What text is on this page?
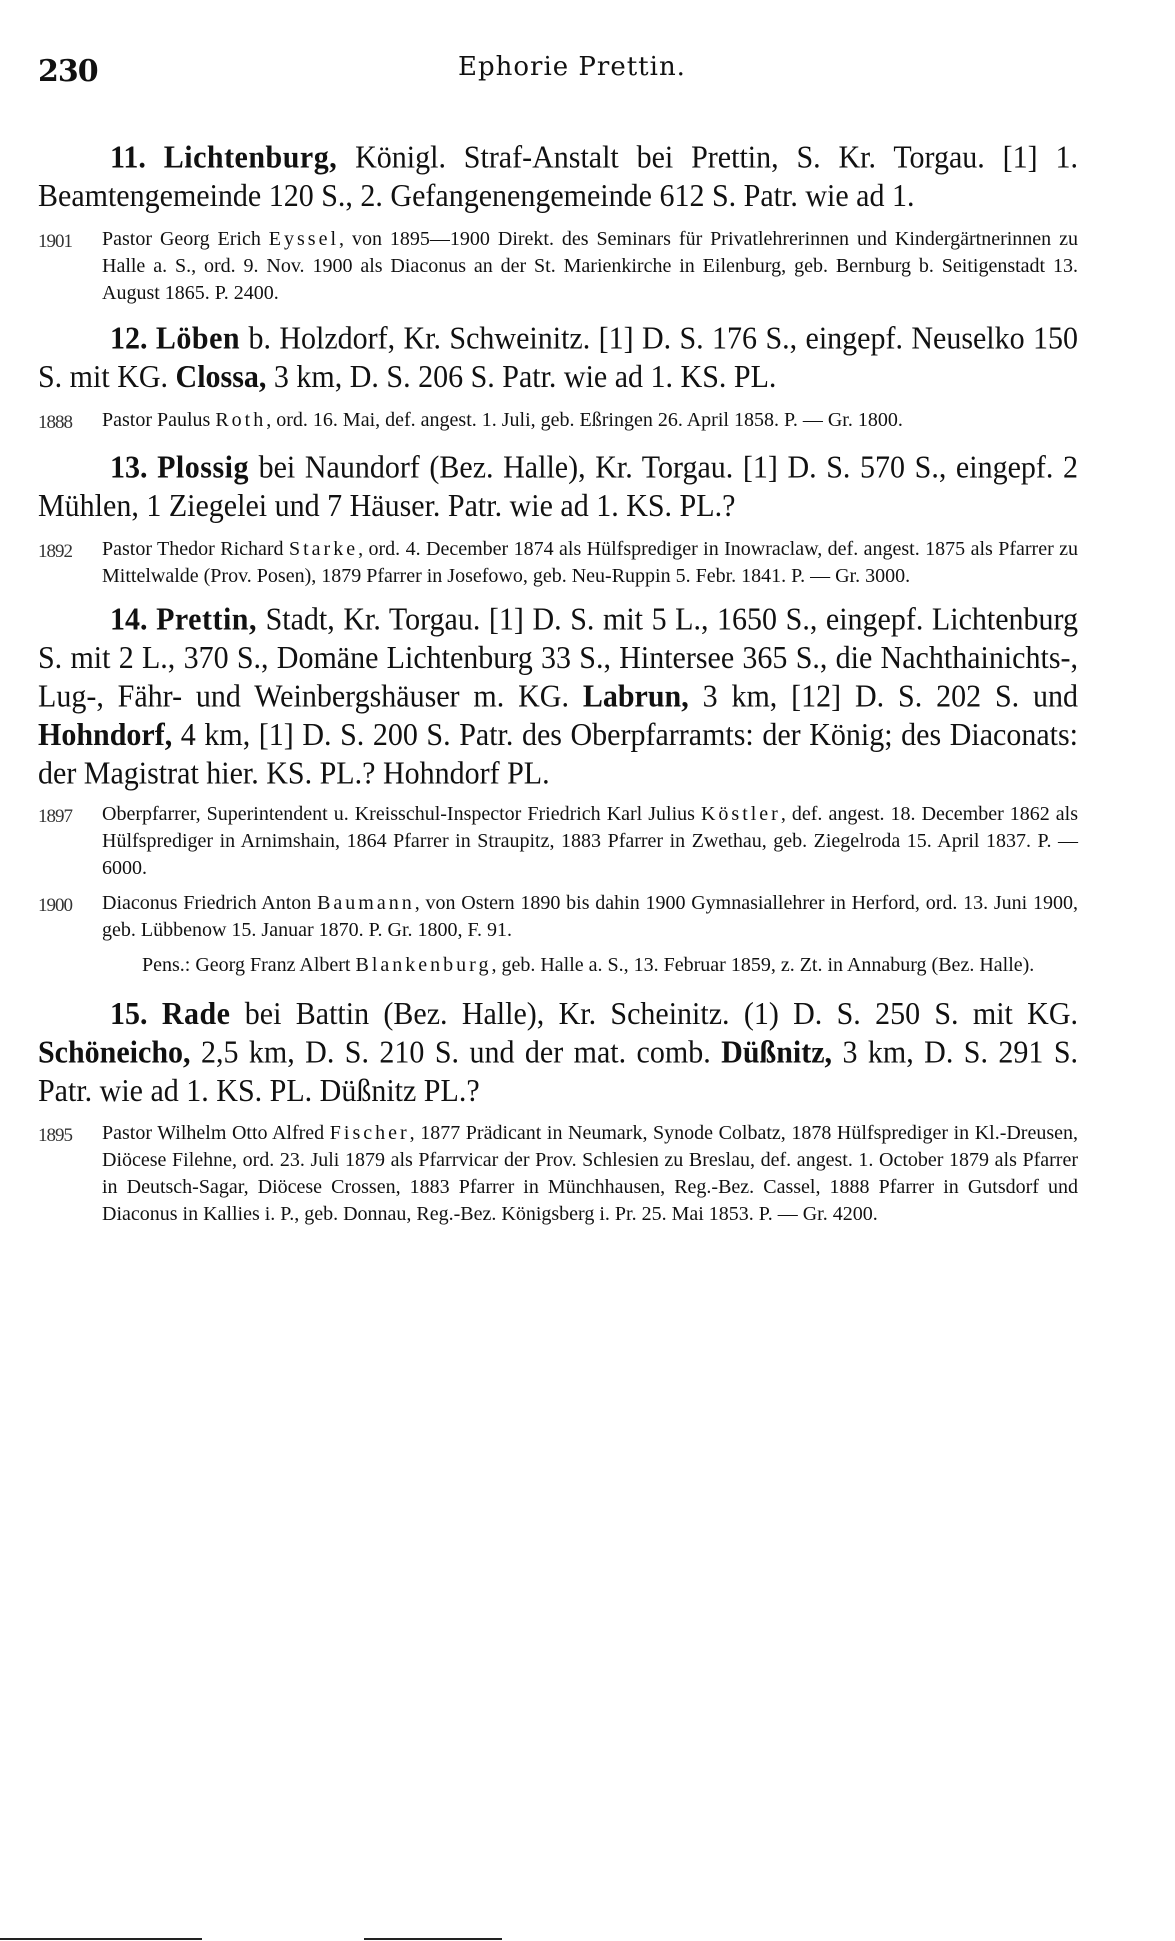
230	Ephorie Prettin.

11. Lichtenburg, Königl. Straf-Anstalt bei Prettin, S. Kr. Torgau. [1] 1. Beamtengemeinde 120 S., 2. Gefangenengemeinde 612 S. Patr. wie ad 1.

1901	Pastor Georg Erich Eyssel, von 1895—1900 Direkt. des Seminars für Privatlehrerinnen und Kindergärtnerinnen zu Halle a. S., ord. 9. Nov. 1900 als Diaconus an der St. Marienkirche in Eilenburg, geb. Bernburg b. Seitigenstadt 13. August 1865. P. 2400.

12. Löben b. Holzdorf, Kr. Schweinitz. [1] D. S. 176 S., eingepf. Neuselko 150 S. mit KG. Clossa, 3 km, D. S. 206 S. Patr. wie ad 1. KS. PL.

1888	Pastor Paulus Roth, ord. 16. Mai, def. angest. 1. Juli, geb. Eßringen 26. April 1858. P. — Gr. 1800.

13. Plossig bei Naundorf (Bez. Halle), Kr. Torgau. [1] D. S. 570 S., eingepf. 2 Mühlen, 1 Ziegelei und 7 Häuser. Patr. wie ad 1. KS. PL.?

1892	Pastor Thedor Richard Starke, ord. 4. December 1874 als Hülfsprediger in Inowraclaw, def. angest. 1875 als Pfarrer zu Mittelwalde (Prov. Posen), 1879 Pfarrer in Josefowo, geb. Neu-Ruppin 5. Febr. 1841. P. — Gr. 3000.

14. Prettin, Stadt, Kr. Torgau. [1] D. S. mit 5 L., 1650 S., eingepf. Lichtenburg S. mit 2 L., 370 S., Domäne Lichtenburg 33 S., Hintersee 365 S., die Nachthainichts-, Lug-, Fähr- und Weinbergshäuser m. KG. Labrun, 3 km, [12] D. S. 202 S. und Hohndorf, 4 km, [1] D. S. 200 S. Patr. des Oberpfarramts: der König; des Diaconats: der Magistrat hier. KS. PL.? Hohndorf PL.

1897	Oberpfarrer, Superintendent u. Kreisschul-Inspector Friedrich Karl Julius Köstler, def. angest. 18. December 1862 als Hülfsprediger in Arnimshain, 1864 Pfarrer in Straupitz, 1883 Pfarrer in Zwethau, geb. Ziegelroda 15. April 1837. P. — 6000.
1900	Diaconus Friedrich Anton Baumann, von Ostern 1890 bis dahin 1900 Gymnasiallehrer in Herford, ord. 13. Juni 1900, geb. Lübbenow 15. Januar 1870. P. Gr. 1800, F. 91.

Pens.: Georg Franz Albert Blankenburg, geb. Halle a. S., 13. Februar 1859, z. Zt. in Annaburg (Bez. Halle).

15. Rade bei Battin (Bez. Halle), Kr. Scheinitz. (1) D. S. 250 S. mit KG. Schöneicho, 2,5 km, D. S. 210 S. und der mat. comb. Düßnitz, 3 km, D. S. 291 S. Patr. wie ad 1. KS. PL. Düßnitz PL.?

1895	Pastor Wilhelm Otto Alfred Fischer, 1877 Prädicant in Neumark, Synode Colbatz, 1878 Hülfsprediger in Kl.-Dreusen, Diöcese Filehne, ord. 23. Juli 1879 als Pfarrvicar der Prov. Schlesien zu Breslau, def. angest. 1. October 1879 als Pfarrer in Deutsch-Sagar, Diöcese Crossen, 1883 Pfarrer in Münchhausen, Reg.-Bez. Cassel, 1888 Pfarrer in Gutsdorf und Diaconus in Kallies i. P., geb. Donnau, Reg.-Bez. Königsberg i. Pr. 25. Mai 1853. P. — Gr. 4200.
